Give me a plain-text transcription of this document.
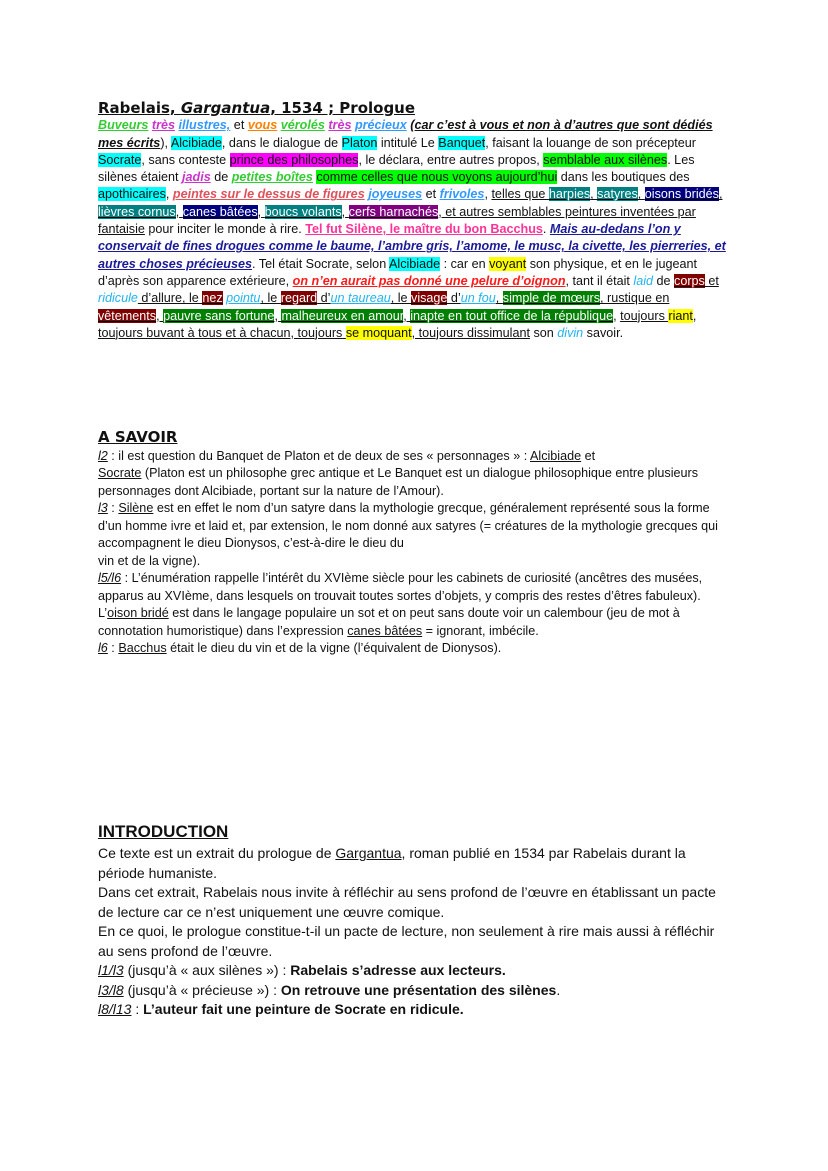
Rabelais, Gargantua, 1534 ; Prologue
Buveurs très illustres, et vous vérolés très précieux (car c’est à vous et non à d’autres que sont dédiés mes écrits), Alcibiade, dans le dialogue de Platon intitulé Le Banquet, faisant la louange de son précepteur Socrate, sans conteste prince des philosophes, le déclara, entre autres propos, semblable aux silènes. Les silènes étaient jadis de petites boîtes comme celles que nous voyons aujourd’hui dans les boutiques des apothicaires, peintes sur le dessus de figures joyeuses et frivoles, telles que harpies, satyres, oisons bridés, lièvres cornus, canes bâtées, boucs volants, cerfs harnachés, et autres semblables peintures inventées par fantaisie pour inciter le monde à rire. Tel fut Silène, le maître du bon Bacchus. Mais au-dedans l’on y conservait de fines drogues comme le baume, l’ambre gris, l’amome, le musc, la civette, les pierreries, et autres choses précieuses. Tel était Socrate, selon Alcibiade : car en voyant son physique, et en le jugeant d’après son apparence extérieure, on n’en aurait pas donné une pelure d’oignon, tant il était laid de corps et ridicule d’allure, le nez pointu, le regard d’un taureau, le visage d’un fou, simple de mœurs, rustique en vêtements, pauvre sans fortune, malheureux en amour, inapte en tout office de la république, toujours riant, toujours buvant à tous et à chacun, toujours se moquant, toujours dissimulant son divin savoir.
A SAVOIR
l2 : il est question du Banquet de Platon et de deux de ses « personnages » : Alcibiade et
Socrate (Platon est un philosophe grec antique et Le Banquet est un dialogue philosophique entre plusieurs personnages dont Alcibiade, portant sur la nature de l’Amour).
l3 : Silène est en effet le nom d’un satyre dans la mythologie grecque, généralement représenté sous la forme d’un homme ivre et laid et, par extension, le nom donné aux satyres (= créatures de la mythologie grecques qui accompagnent le dieu Dionysos, c’est-à-dire le dieu du
vin et de la vigne).
l5/l6 : L’énumération rappelle l’intérêt du XVIème siècle pour les cabinets de curiosité (ancêtres des musées, apparus au XVIème, dans lesquels on trouvait toutes sortes d’objets, y compris des restes d’êtres fabuleux).
L’oison bridé est dans le langage populaire un sot et on peut sans doute voir un calembour (jeu de mot à connotation humoristique) dans l’expression canes bâtées = ignorant, imbécile.
l6 : Bacchus était le dieu du vin et de la vigne (l’équivalent de Dionysos).
INTRODUCTION
Ce texte est un extrait du prologue de Gargantua, roman publié en 1534 par Rabelais durant la période humaniste.
Dans cet extrait, Rabelais nous invite à réfléchir au sens profond de l’œuvre en établissant un pacte de lecture car ce n’est uniquement une œuvre comique.
En ce quoi, le prologue constitue-t-il un pacte de lecture, non seulement à rire mais aussi à réfléchir au sens profond de l’œuvre.
l1/l3 (jusqu’à « aux silènes ») : Rabelais s’adresse aux lecteurs.
l3/l8 (jusqu’à « précieuse ») : On retrouve une présentation des silènes.
l8/l13 : L’auteur fait une peinture de Socrate en ridicule.
